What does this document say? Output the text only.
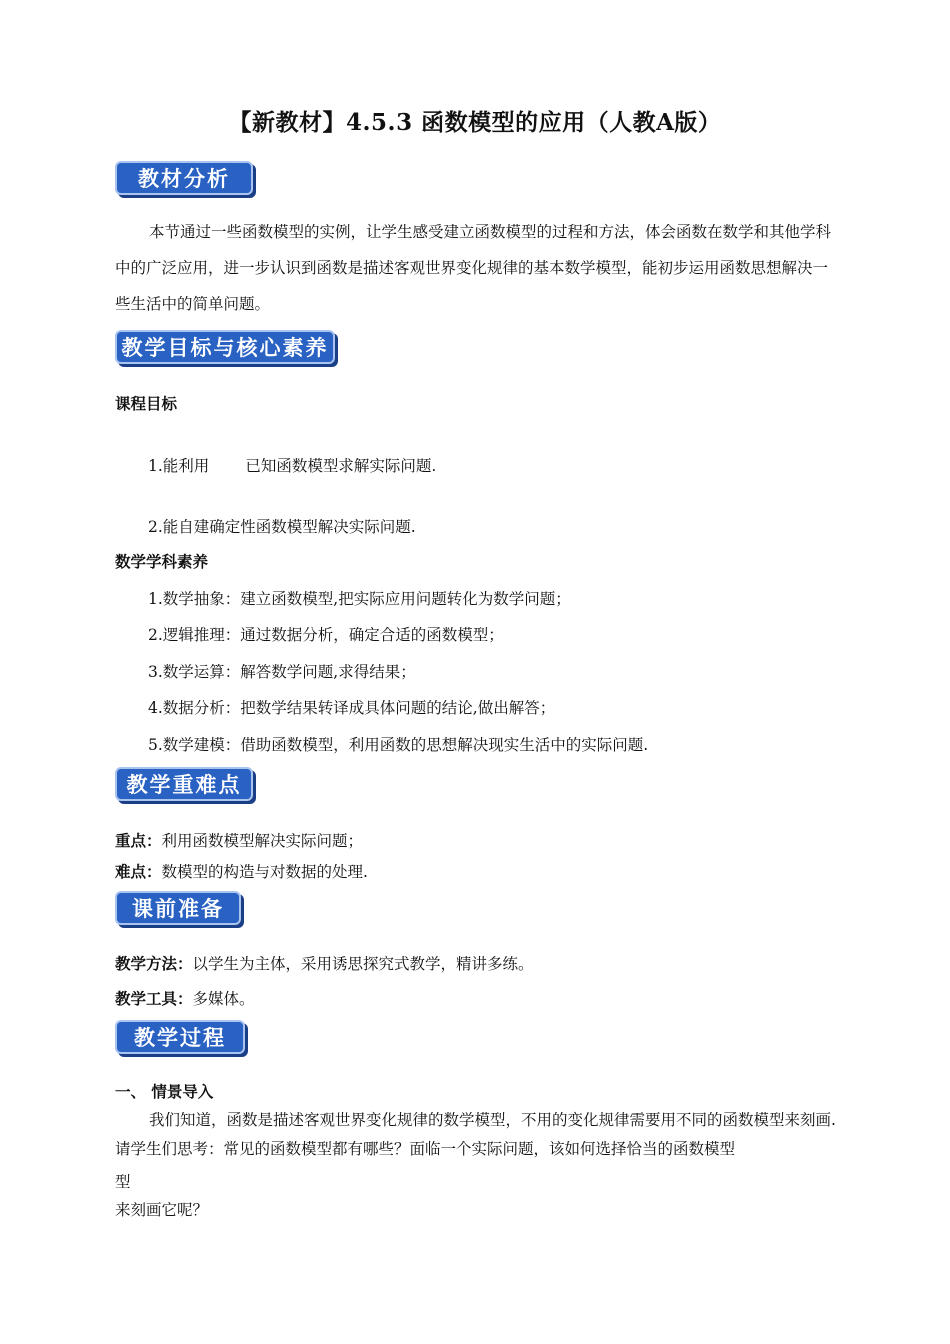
【新教材】4.5.3 函数模型的应用（人教A版）
教材分析
本节通过一些函数模型的实例，让学生感受建立函数模型的过程和方法，体会函数在数学和其他学科中的广泛应用，进一步认识到函数是描述客观世界变化规律的基本数学模型，能初步运用函数思想解决一些生活中的简单问题。
教学目标与核心素养
课程目标
1.能利用 已知函数模型求解实际问题.
2.能自建确定性函数模型解决实际问题.
数学学科素养
1.数学抽象：建立函数模型,把实际应用问题转化为数学问题；
2.逻辑推理：通过数据分析，确定合适的函数模型；
3.数学运算：解答数学问题,求得结果；
4.数据分析：把数学结果转译成具体问题的结论,做出解答；
5.数学建模：借助函数模型，利用函数的思想解决现实生活中的实际问题.
教学重难点
重点：利用函数模型解决实际问题；
难点：数模型的构造与对数据的处理.
课前准备
教学方法：以学生为主体，采用诱思探究式教学，精讲多练。
教学工具：多媒体。
教学过程
一、 情景导入
我们知道，函数是描述客观世界变化规律的数学模型，不用的变化规律需要用不同的函数模型来刻画.请学生们思考：常见的函数模型都有哪些？面临一个实际问题，该如何选择恰当的函数模型
型
来刻画它呢？
